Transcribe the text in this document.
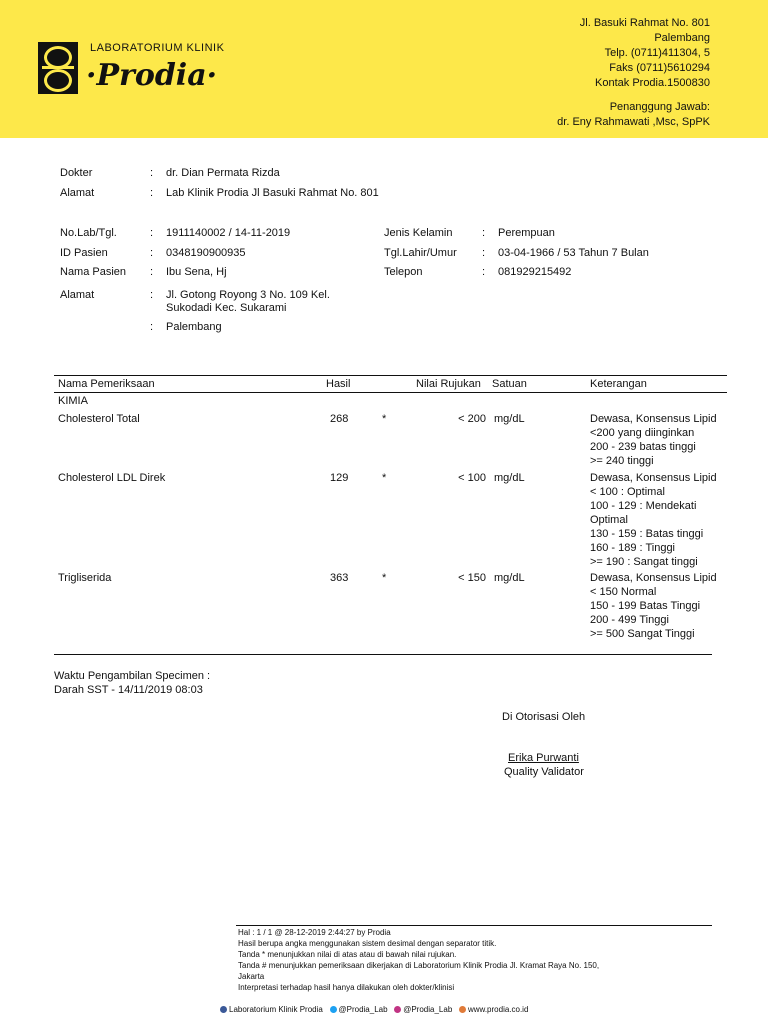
LABORATORIUM KLINIK
·Prodia·
Jl. Basuki Rahmat No. 801
Palembang
Telp. (0711)411304, 5
Faks (0711)5610294
Kontak Prodia.1500830
Penanggung Jawab:
dr. Eny Rahmawati ,Msc, SpPK
Dokter	: dr. Dian Permata Rizda
Alamat	: Lab Klinik Prodia Jl Basuki Rahmat No. 801
No.Lab/Tgl.	: 1911140002 / 14-11-2019
ID Pasien	: 0348190900935
Nama Pasien : Ibu Sena, Hj
Alamat	: Jl. Gotong Royong 3 No. 109 Kel.
Sukodadi Kec. Sukarami
: Palembang
Jenis Kelamin	: Perempuan
Tgl.Lahir/Umur : 03-04-1966 / 53 Tahun 7 Bulan
Telepon	: 081929215492
Nama Pemeriksaan	Hasil	Nilai Rujukan Satuan	Keterangan
KIMIA
Cholesterol Total	268	*	< 200 mg/dL	Dewasa, Konsensus Lipid
<200 yang diinginkan
200 - 239 batas tinggi
>= 240 tinggi
Cholesterol LDL Direk	129	*	< 100 mg/dL	Dewasa, Konsensus Lipid
< 100 : Optimal
100 - 129 : Mendekati
Optimal
130 - 159 : Batas tinggi
160 - 189 : Tinggi
>= 190 : Sangat tinggi
Trigliserida	363	*	< 150 mg/dL	Dewasa, Konsensus Lipid
< 150 Normal
150 - 199 Batas Tinggi
200 - 499 Tinggi
>= 500 Sangat Tinggi
Waktu Pengambilan Specimen :
Darah SST - 14/11/2019 08:03
Di Otorisasi Oleh
Erika Purwanti
Quality Validator
Hal : 1 / 1 @ 28-12-2019 2:44:27 by Prodia
Hasil berupa angka menggunakan sistem desimal dengan separator titik.
Tanda * menunjukkan nilai di atas atau di bawah nilai rujukan.
Tanda # menunjukkan pemeriksaan dikerjakan di Laboratorium Klinik Prodia Jl. Kramat Raya No. 150,
Jakarta
Interpretasi terhadap hasil hanya dilakukan oleh dokter/klinisi
Laboratorium Klinik Prodia @Prodia_Lab @Prodia_Lab www.prodia.co.id
